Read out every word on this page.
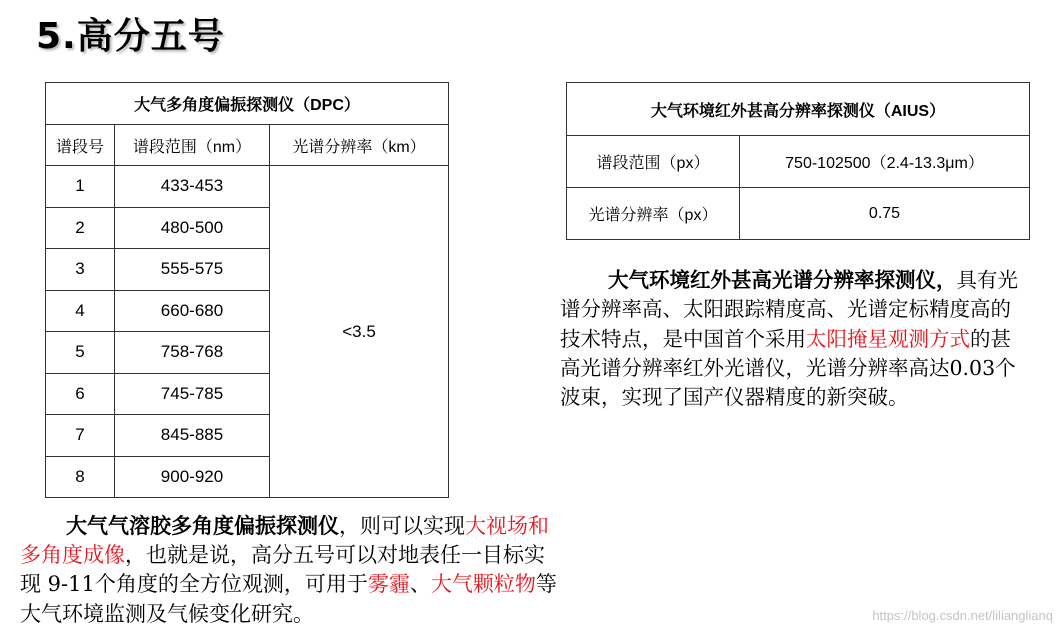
5.高分五号
大气多角度偏振探测仪（DPC）		
谱段号	谱段范围（nm）	光谱分辨率（km）
1	433-453	<3.5
2	480-500	
3	555-575	
4	660-680	
5	758-768	
6	745-785	
7	845-885	
8	900-920	
大气环境红外甚高分辨率探测仪（AIUS）	
谱段范围（px）	750-102500（2.4-13.3μm）
光谱分辨率（px）	0.75

大气环境红外甚高光谱分辨率探测仪，具有光谱分辨率高、太阳跟踪精度高、光谱定标精度高的技术特点，是中国首个采用太阳掩星观测方式的甚高光谱分辨率红外光谱仪，光谱分辨率高达0.03个波束，实现了国产仪器精度的新突破。

大气气溶胶多角度偏振探测仪，则可以实现大视场和多角度成像，也就是说，高分五号可以对地表任一目标实现 9-11个角度的全方位观测，可用于雾霾、大气颗粒物等大气环境监测及气候变化研究。	https://blog.csdn.net/lilianglianq
